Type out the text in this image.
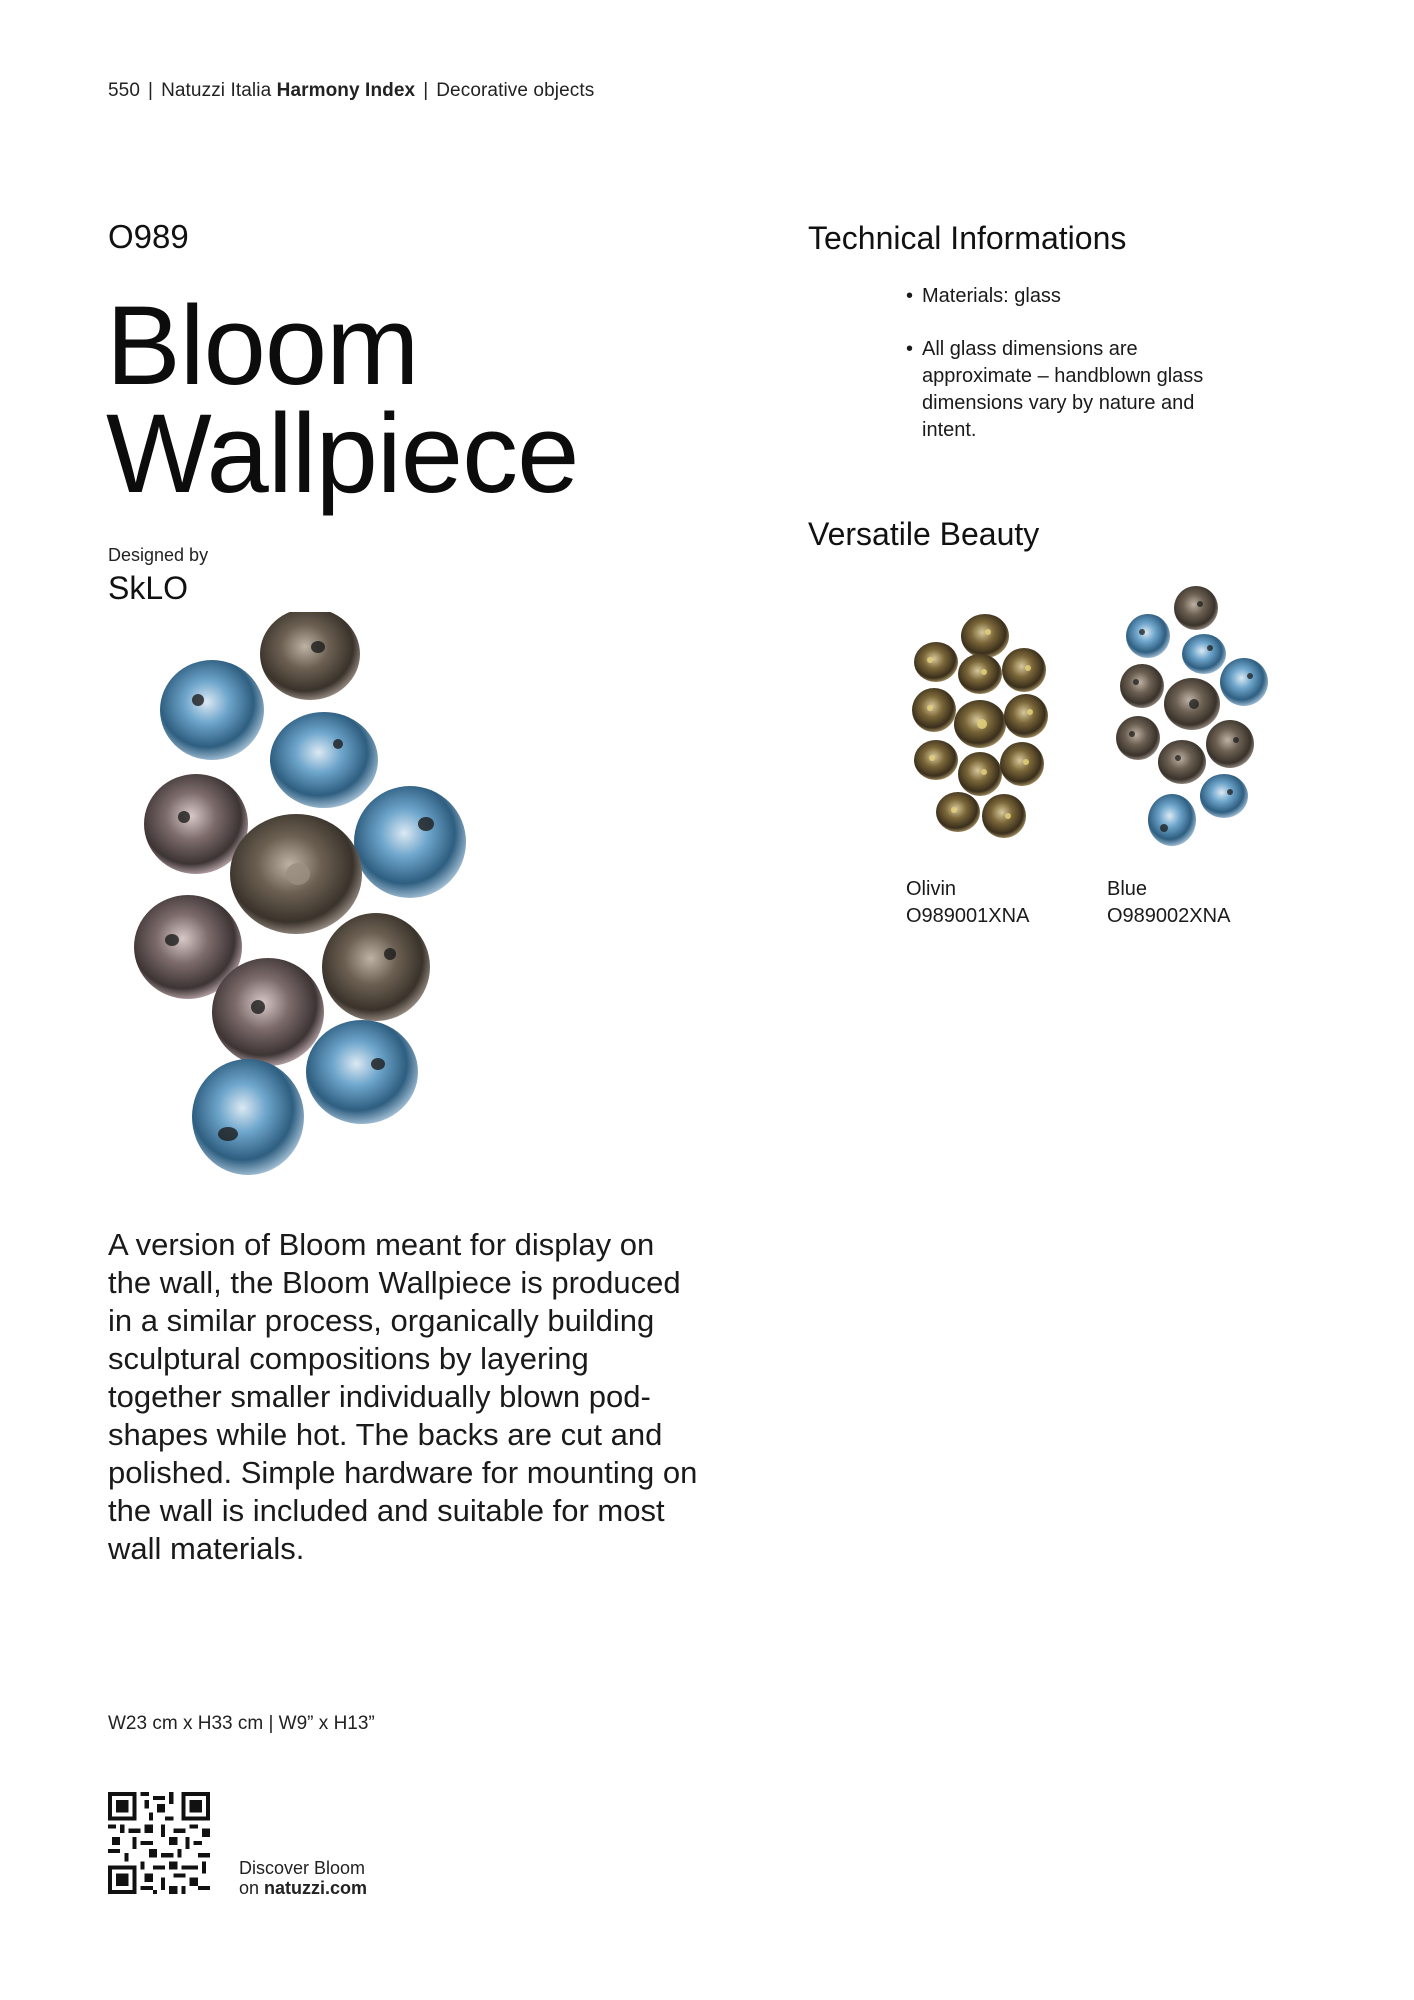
550 | Natuzzi Italia Harmony Index | Decorative objects
O989
Bloom
Wallpiece
Designed by
SkLO
A version of Bloom meant for display on the wall, the Bloom Wallpiece is produced in a similar process, organically building sculptural compositions by layering together smaller individually blown pod-shapes while hot. The backs are cut and polished. Simple hardware for mounting on the wall is included and suitable for most wall materials.
W23 cm x H33 cm | W9” x H13”
Discover Bloom
on natuzzi.com
Technical Informations
• Materials: glass
• All glass dimensions are approximate – handblown glass dimensions vary by nature and intent.
Versatile Beauty
Olivin
O989001XNA
Blue
O989002XNA
